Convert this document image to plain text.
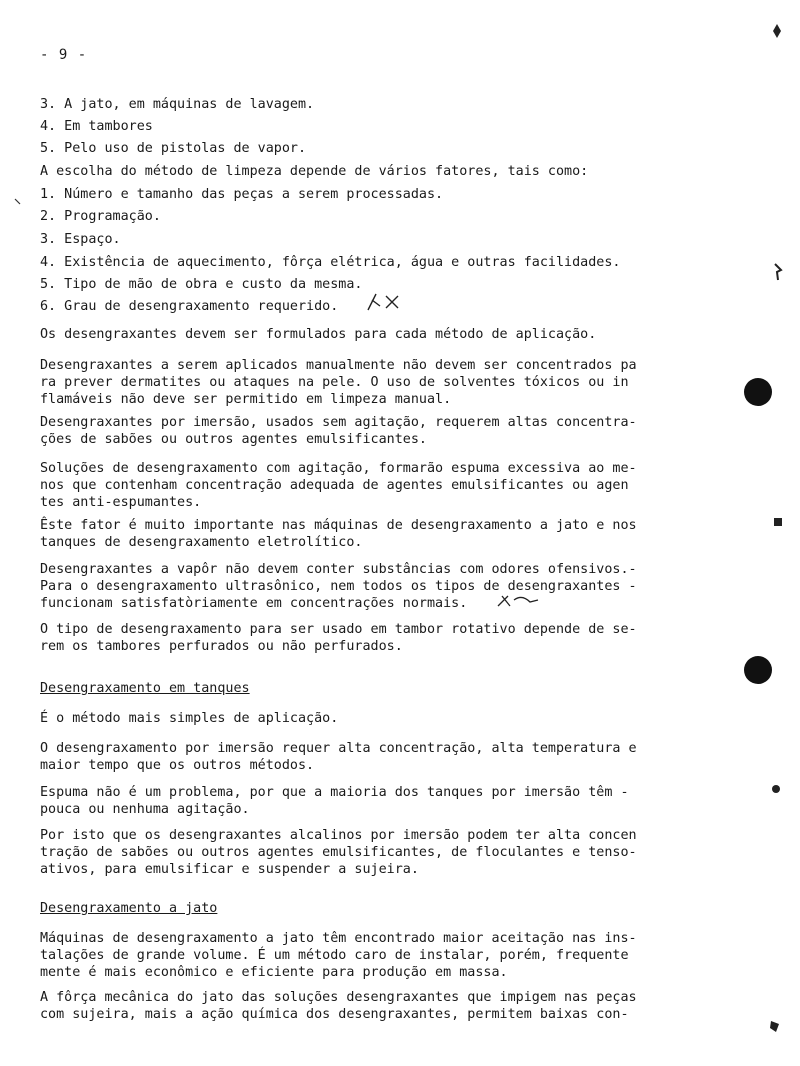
- 9 -
3. A jato, em máquinas de lavagem.
4. Em tambores
5. Pelo uso de pistolas de vapor.
A escolha do método de limpeza depende de vários fatores, tais como:
1. Número e tamanho das peças a serem processadas.
2. Programação.
3. Espaço.
4. Existência de aquecimento, fôrça elétrica, água e outras facilidades.
5. Tipo de mão de obra e custo da mesma.
6. Grau de desengraxamento requerido.
Os desengraxantes devem ser formulados para cada método de aplicação.
Desengraxantes a serem aplicados manualmente não devem ser concentrados pa
ra prever dermatites ou ataques na pele. O uso de solventes tóxicos ou in
flamáveis não deve ser permitido em limpeza manual.
Desengraxantes por imersão, usados sem agitação, requerem altas concentra-
ções de sabões ou outros agentes emulsificantes.
Soluções de desengraxamento com agitação, formarão espuma excessiva ao me-
nos que contenham concentração adequada de agentes emulsificantes ou agen
tes anti-espumantes.
Êste fator é muito importante nas máquinas de desengraxamento a jato e nos
tanques de desengraxamento eletrolítico.
Desengraxantes a vapôr não devem conter substâncias com odores ofensivos.-
Para o desengraxamento ultrasônico, nem todos os tipos de desengraxantes -
funcionam satisfatòriamente em concentrações normais.
O tipo de desengraxamento para ser usado em tambor rotativo depende de se-
rem os tambores perfurados ou não perfurados.
Desengraxamento em tanques
É o método mais simples de aplicação.
O desengraxamento por imersão requer alta concentração, alta temperatura e
maior tempo que os outros métodos.
Espuma não é um problema, por que a maioria dos tanques por imersão têm -
pouca ou nenhuma agitação.
Por isto que os desengraxantes alcalinos por imersão podem ter alta concen
tração de sabões ou outros agentes emulsificantes, de floculantes e tenso-
ativos, para emulsificar e suspender a sujeira.
Desengraxamento a jato
Máquinas de desengraxamento a jato têm encontrado maior aceitação nas ins-
talações de grande volume. É um método caro de instalar, porém, frequente
mente é mais econômico e eficiente para produção em massa.
A fôrça mecânica do jato das soluções desengraxantes que impigem nas peças
com sujeira, mais a ação química dos desengraxantes, permitem baixas con-
